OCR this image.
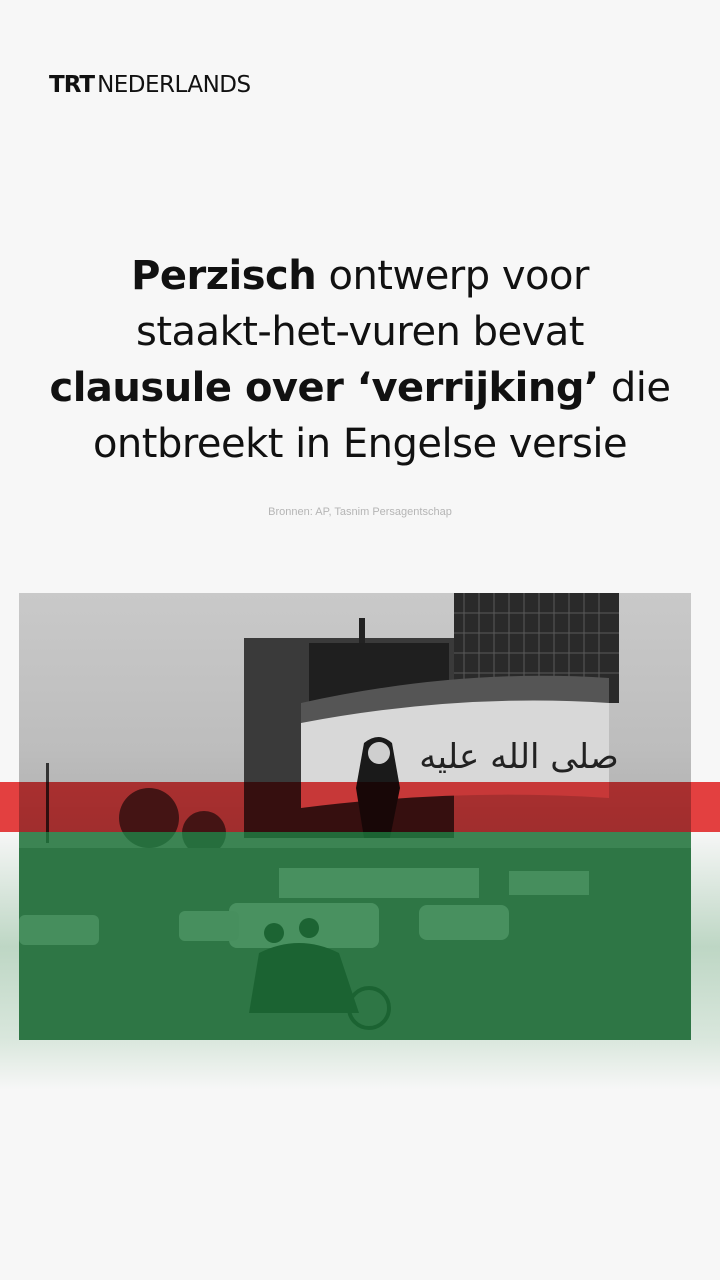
TRT NEDERLANDS
Perzisch ontwerp voor
staakt-het-vuren bevat
clausule over ‘verrijking’ die
ontbreekt in Engelse versie
Bronnen: AP, Tasnim Persagentschap
صلى الله عليه
